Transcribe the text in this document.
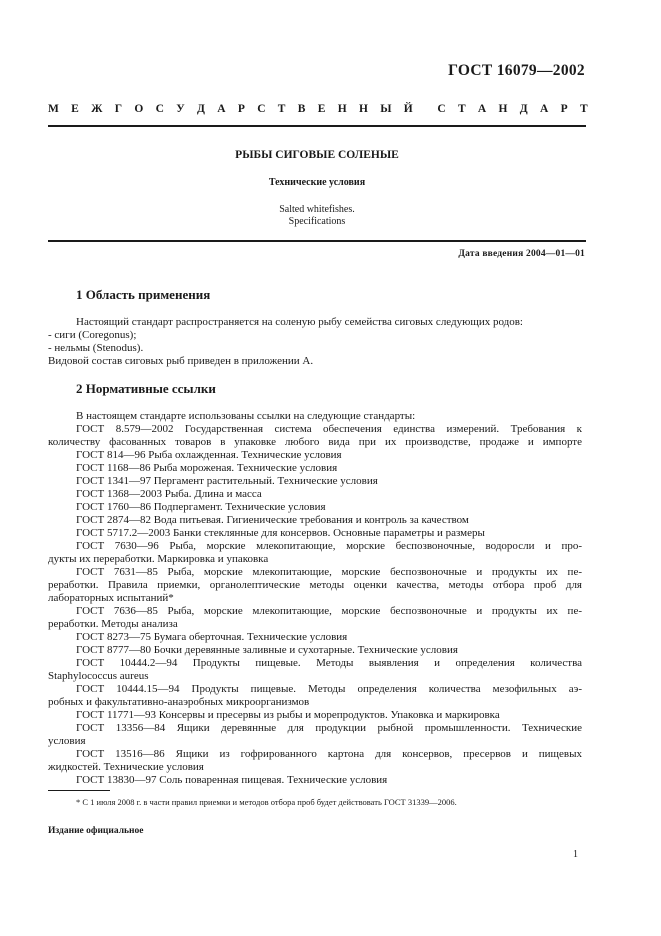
ГОСТ 16079—2002
М Е Ж Г О С У Д А Р С Т В Е Н Н Ы Й С Т А Н Д А Р Т
РЫБЫ СИГОВЫЕ СОЛЕНЫЕ
Технические условия
Salted whitefishes.
Specifications
Дата введения 2004—01—01
1 Область применения
Настоящий стандарт распространяется на соленую рыбу семейства сиговых следующих родов:
- сиги (Coregonus);
- нельмы (Stenodus).
Видовой состав сиговых рыб приведен в приложении А.
2 Нормативные ссылки
В настоящем стандарте использованы ссылки на следующие стандарты:
ГОСТ 8.579—2002 Государственная система обеспечения единства измерений. Требования к
количеству фасованных товаров в упаковке любого вида при их производстве, продаже и импорте
ГОСТ 814—96 Рыба охлажденная. Технические условия
ГОСТ 1168—86 Рыба мороженая. Технические условия
ГОСТ 1341—97 Пергамент растительный. Технические условия
ГОСТ 1368—2003 Рыба. Длина и масса
ГОСТ 1760—86 Подпергамент. Технические условия
ГОСТ 2874—82 Вода питьевая. Гигиенические требования и контроль за качеством
ГОСТ 5717.2—2003 Банки стеклянные для консервов. Основные параметры и размеры
ГОСТ 7630—96 Рыба, морские млекопитающие, морские беспозвоночные, водоросли и про-
дукты их переработки. Маркировка и упаковка
ГОСТ 7631—85 Рыба, морские млекопитающие, морские беспозвоночные и продукты их пе-
реработки. Правила приемки, органолептические методы оценки качества, методы отбора проб для
лабораторных испытаний*
ГОСТ 7636—85 Рыба, морские млекопитающие, морские беспозвоночные и продукты их пе-
реработки. Методы анализа
ГОСТ 8273—75 Бумага оберточная. Технические условия
ГОСТ 8777—80 Бочки деревянные заливные и сухотарные. Технические условия
ГОСТ 10444.2—94 Продукты пищевые. Методы выявления и определения количества
Staphylococcus aureus
ГОСТ 10444.15—94 Продукты пищевые. Методы определения количества мезофильных аэ-
робных и факультативно-анаэробных микроорганизмов
ГОСТ 11771—93 Консервы и пресервы из рыбы и морепродуктов. Упаковка и маркировка
ГОСТ 13356—84 Ящики деревянные для продукции рыбной промышленности. Технические
условия
ГОСТ 13516—86 Ящики из гофрированного картона для консервов, пресервов и пищевых
жидкостей. Технические условия
ГОСТ 13830—97 Соль поваренная пищевая. Технические условия
* С 1 июля 2008 г. в части правил приемки и методов отбора проб будет действовать ГОСТ 31339—2006.
Издание официальное
1
